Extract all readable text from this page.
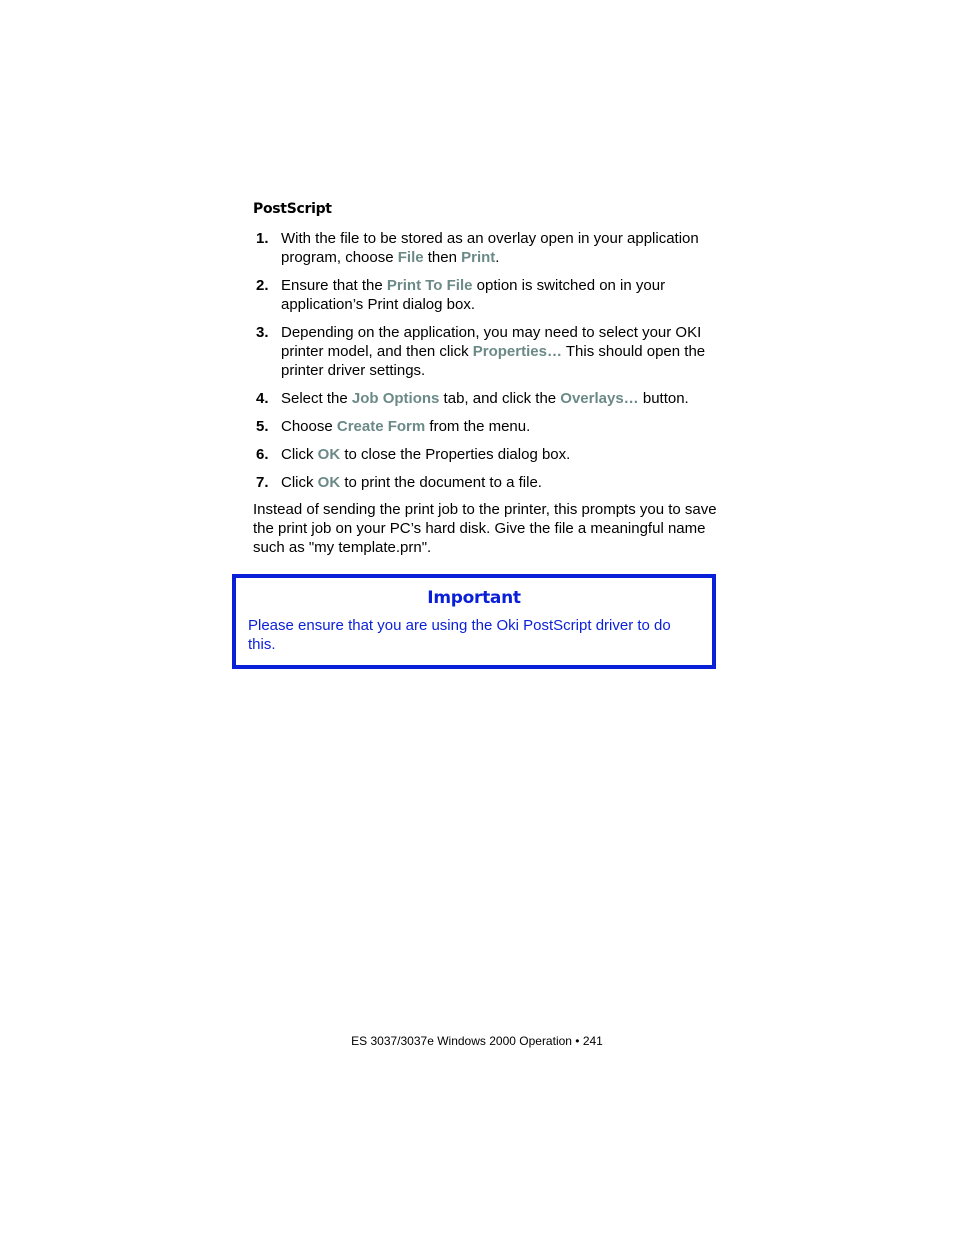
PostScript
1. With the file to be stored as an overlay open in your application program, choose File then Print.
2. Ensure that the Print To File option is switched on in your application’s Print dialog box.
3. Depending on the application, you may need to select your OKI printer model, and then click Properties… This should open the printer driver settings.
4. Select the Job Options tab, and click the Overlays… button.
5. Choose Create Form from the menu.
6. Click OK to close the Properties dialog box.
7. Click OK to print the document to a file.

Instead of sending the print job to the printer, this prompts you to save the print job on your PC’s hard disk. Give the file a meaningful name such as "my template.prn".

Important

Please ensure that you are using the Oki PostScript driver to do this.

ES 3037/3037e Windows 2000 Operation • 241
